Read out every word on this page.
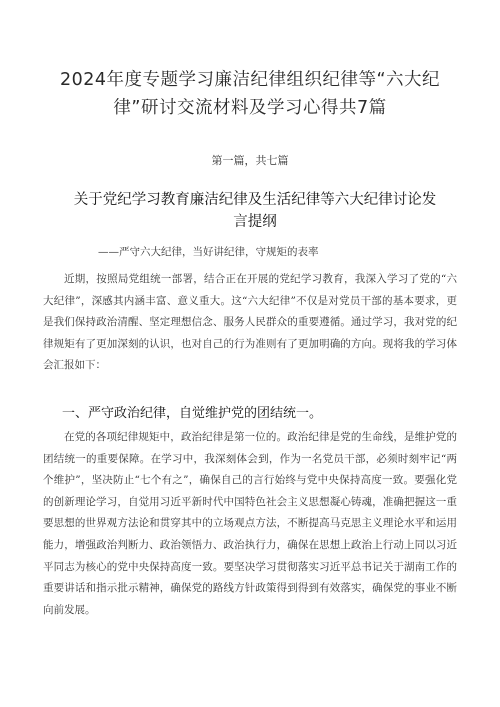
2024年度专题学习廉洁纪律组织纪律等“六大纪律”研讨交流材料及学习心得共7篇
第一篇，共七篇
关于党纪学习教育廉洁纪律及生活纪律等六大纪律讨论发言提纲
——严守六大纪律，当好讲纪律，守规矩的表率

近期，按照局党组统一部署，结合正在开展的党纪学习教育，我深入学习了党的“六大纪律”，深感其内涵丰富、意义重大。这“六大纪律”不仅是对党员干部的基本要求，更是我们保持政治清醒、坚定理想信念、服务人民群众的重要遵循。通过学习，我对党的纪律规矩有了更加深刻的认识，也对自己的行为准则有了更加明确的方向。现将我的学习体会汇报如下：

一、严守政治纪律，自觉维护党的团结统一。

在党的各项纪律规矩中，政治纪律是第一位的。政治纪律是党的生命线，是维护党的团结统一的重要保障。在学习中，我深刻体会到，作为一名党员干部，必须时刻牢记“两个维护”，坚决防止“七个有之”，确保自己的言行始终与党中央保持高度一致。要强化党的创新理论学习，自觉用习近平新时代中国特色社会主义思想凝心铸魂，准确把握这一重要思想的世界观方法论和贯穿其中的立场观点方法，不断提高马克思主义理论水平和运用能力，增强政治判断力、政治领悟力、政治执行力，确保在思想上政治上行动上同以习近平同志为核心的党中央保持高度一致。要坚决学习贯彻落实习近平总书记关于湖南工作的重要讲话和指示批示精神，确保党的路线方针政策得到得到有效落实，确保党的事业不断向前发展。
